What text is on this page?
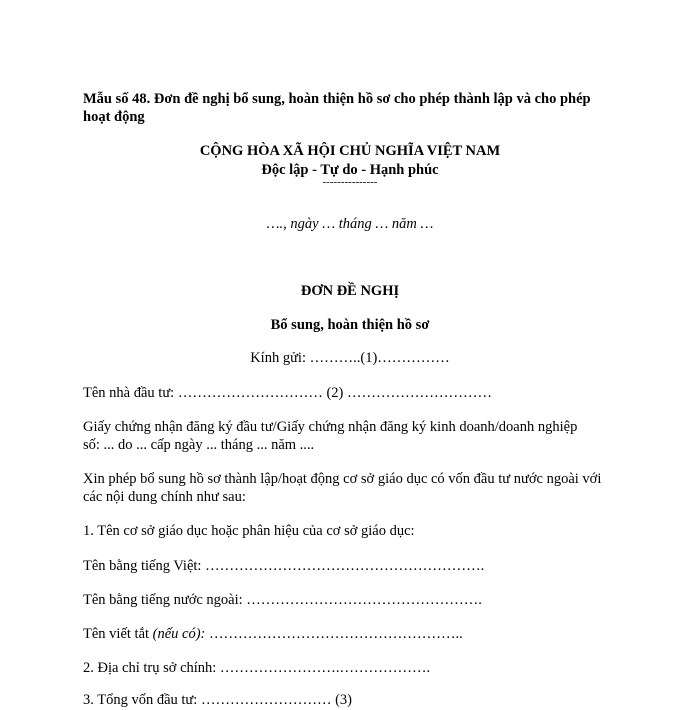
Mẫu số 48. Đơn đề nghị bổ sung, hoàn thiện hồ sơ cho phép thành lập và cho phép
hoạt động
CỘNG HÒA XÃ HỘI CHỦ NGHĨA VIỆT NAM
Độc lập - Tự do - Hạnh phúc
---------------
…., ngày … tháng … năm …
ĐƠN ĐỀ NGHỊ
Bổ sung, hoàn thiện hồ sơ
Kính gửi: ………..(1)……………
Tên nhà đầu tư: ………………………… (2) …………………………
Giấy chứng nhận đăng ký đầu tư/Giấy chứng nhận đăng ký kinh doanh/doanh nghiệp
số: ... do ... cấp ngày ... tháng ... năm ....
Xin phép bổ sung hồ sơ thành lập/hoạt động cơ sở giáo dục có vốn đầu tư nước ngoài với
các nội dung chính như sau:
1. Tên cơ sở giáo dục hoặc phân hiệu của cơ sở giáo dục:
Tên bằng tiếng Việt: ………………………………………………….
Tên bằng tiếng nước ngoài: ………………………………………….
Tên viết tắt (nếu có): ……………………………………………..
2. Địa chỉ trụ sở chính: …………………….……………….
3. Tổng vốn đầu tư: ……………………… (3)
